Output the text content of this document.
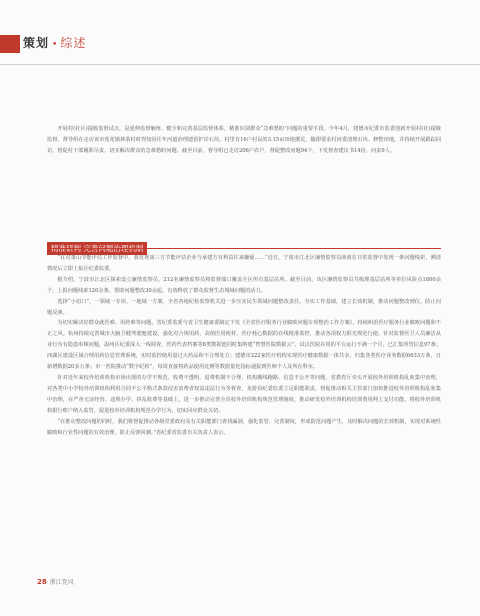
策划 • 综述

开展村(社区)提级监督试点，是延伸监督触角、健全和完善基层监督体系，精准识别群众“急难愁盼”问题的重要手段。今年4月，建德市纪委市监委创新开展村(社)提级监督，督导组在走访该市莲花镇林茶村时得知因往年河道治理遗留护岸石块，村里有16户村民的3.15亩田地撂荒，随即要求村河委清理石块、修整田地，并持续开展跟踪回访，督促村干部履职尽责，切实解决群众的急难愁盼问题。截至目前，督导组已走访206户农户，督促整改问题94个，下发督查建议书14份，问责9人。

精准研判 完善问题治理机制

“在对萧山节能评估工作监督中，我发现第三方节能评估企业与承建方有利益往来嫌疑……”近日，宁波市江北区廉情监察员薛波在日常监督中发现一条问题线索，溯清情况后立即上报区纪委监委。

据介绍，宁波市江北区探索设立廉情监察员，212名廉情监察员将监督端口覆盖全区所有基层站所。截至目前，该区廉情监察员共梳理基层站所等单位风险点1800余个，上报问题线索120余条，帮助问题整改30余起，有效释放了群众监督生态城域问题的活力。

选择“小切口”，一领域一专项、一地域一方案，全省各地纪检监察机关进一步压实民生领域问题整改责任，夯实工作基础，建立长效机制，推动问题整改到位，防止问题反弹。

为切实解决好群众就医难、用药难等问题，省纪委监委与省卫生健康委制定下发《全省医疗服务行业腐败问题专项整治工作方案》，持续纠治医疗服务行业腐败问题和不正之风。杭州持续完善城市大脑卫健驾驶舱建设，强化对合规用药、高值医用耗材、医疗耗心数据的在线精准监控，推动各项权力阳光规范行使。针对监督医卫人员廉洁从业行为有隐患串频问题，温州区纪委深入一线调查，医药代表档案等8类数据池同时集纳建“智慧医院数据云”，试点医院在用的平台运行不满一个月，已汇集所管信息97条；西湖区建设区域合理用药信息管理系统，实时监控使用量过大药品和不合理处方；建德市222家医疗机构实现医疗健康数据一体共享，归集各类医疗业务数据6633万条，日新增数据20多万条；市一医院推动“数字纪检”，每周直接将药品使用比例等数据量化指标递报到医师个人及所在科室。

针对近年来校外培训机构市场出现的办学不规范、收费不透明、退费机制不合理、机构搬线跑路、信息不公开等问题，省教育厅牵头开展校外培训机构乱象集中治理，对各类中小学校外培训机构利用合同不公平格式条款侵害消费者权益违法行为等督查，龙游县纪委监委立足职能职责，督促推动相关主管部门加快推进校外培训机构乱象集中治理，在严查无证经营、违规办学、拼乱收费等基础上，进一步推动完善全县校外培训机构规范管理制度，推动研发校外培训机构培训费用网上支付功能，将校外培训机构银行账户纳入监管，促进校外培训机构规范办学行为，切实回应群众关切。

“在推动整改问题的同时，我们将督促推动各级党委政府及有关职能部门查找漏洞，强化监管、完善制度，形成防范问题产生，及时解决问题的长效机制，实现对系统性腐败和行业性问题的有效治理，防止反弹回潮。”省纪委省监委有关负责人表示。

28 浙江党风
